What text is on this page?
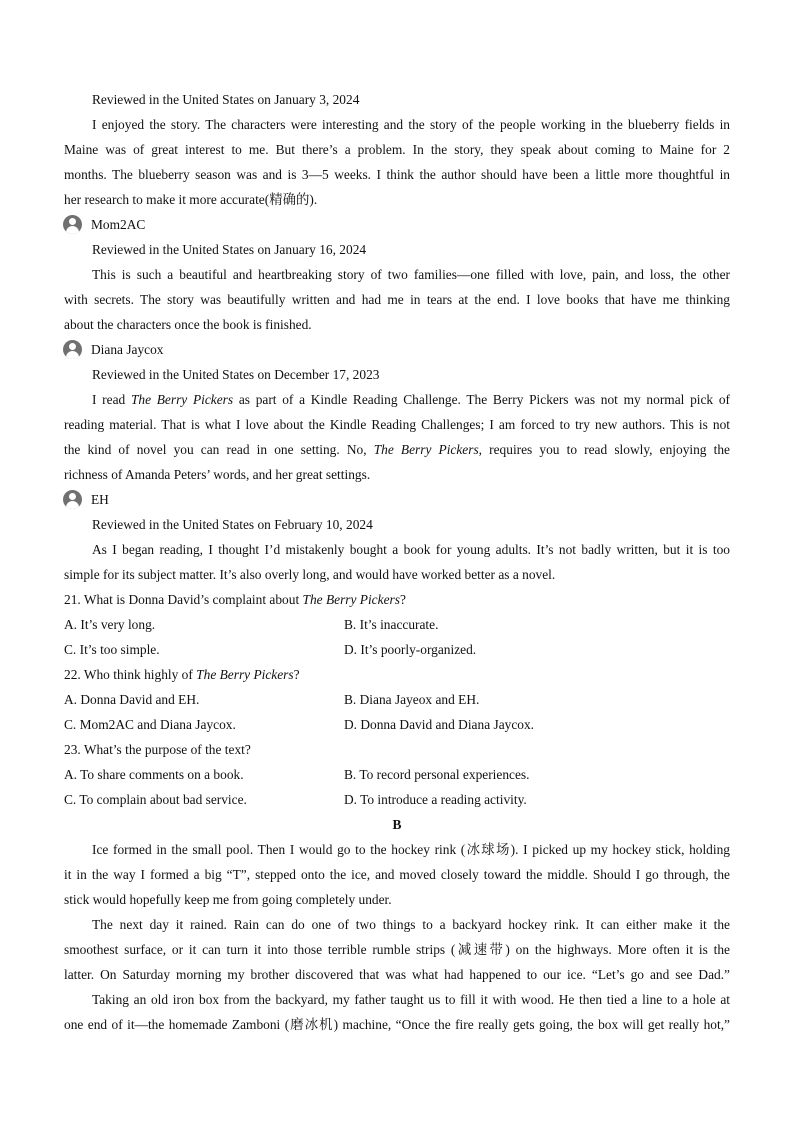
Reviewed in the United States on January 3, 2024
I enjoyed the story. The characters were interesting and the story of the people working in the blueberry fields in
Maine was of great interest to me. But there’s a problem. In the story, they speak about coming to Maine for 2
months. The blueberry season was and is 3—5 weeks. I think the author should have been a little more thoughtful in
her research to make it more accurate(精确的).
Mom2AC
Reviewed in the United States on January 16, 2024
This is such a beautiful and heartbreaking story of two families—one filled with love, pain, and loss, the other
with secrets. The story was beautifully written and had me in tears at the end. I love books that have me thinking
about the characters once the book is finished.
Diana Jaycox
Reviewed in the United States on December 17, 2023
I read The Berry Pickers as part of a Kindle Reading Challenge. The Berry Pickers was not my normal pick of
reading material. That is what I love about the Kindle Reading Challenges; I am forced to try new authors. This is not
the kind of novel you can read in one setting. No, The Berry Pickers, requires you to read slowly, enjoying the
richness of Amanda Peters’ words, and her great settings.
EH
Reviewed in the United States on February 10, 2024
As I began reading, I thought I’d mistakenly bought a book for young adults. It’s not badly written, but it is too
simple for its subject matter. It’s also overly long, and would have worked better as a novel.
21. What is Donna David’s complaint about The Berry Pickers?
A. It’s very long.	B. It’s inaccurate.
C. It’s too simple.	D. It’s poorly-organized.
22. Who think highly of The Berry Pickers?
A. Donna David and EH.	B. Diana Jayeox and EH.
C. Mom2AC and Diana Jaycox.	D. Donna David and Diana Jaycox.
23. What’s the purpose of the text?
A. To share comments on a book.	B. To record personal experiences.
C. To complain about bad service.	D. To introduce a reading activity.
B
Ice formed in the small pool. Then I would go to the hockey rink (冰球场). I picked up my hockey stick, holding
it in the way I formed a big “T”, stepped onto the ice, and moved closely toward the middle. Should I go through, the
stick would hopefully keep me from going completely under.
The next day it rained. Rain can do one of two things to a backyard hockey rink. It can either make it the
smoothest surface, or it can turn it into those terrible rumble strips (减速带) on the highways. More often it is the
latter. On Saturday morning my brother discovered that was what had happened to our ice. “Let’s go and see Dad.”
Taking an old iron box from the backyard, my father taught us to fill it with wood. He then tied a line to a hole at
one end of it—the homemade Zamboni (磨冰机) machine, “Once the fire really gets going, the box will get really hot,”
